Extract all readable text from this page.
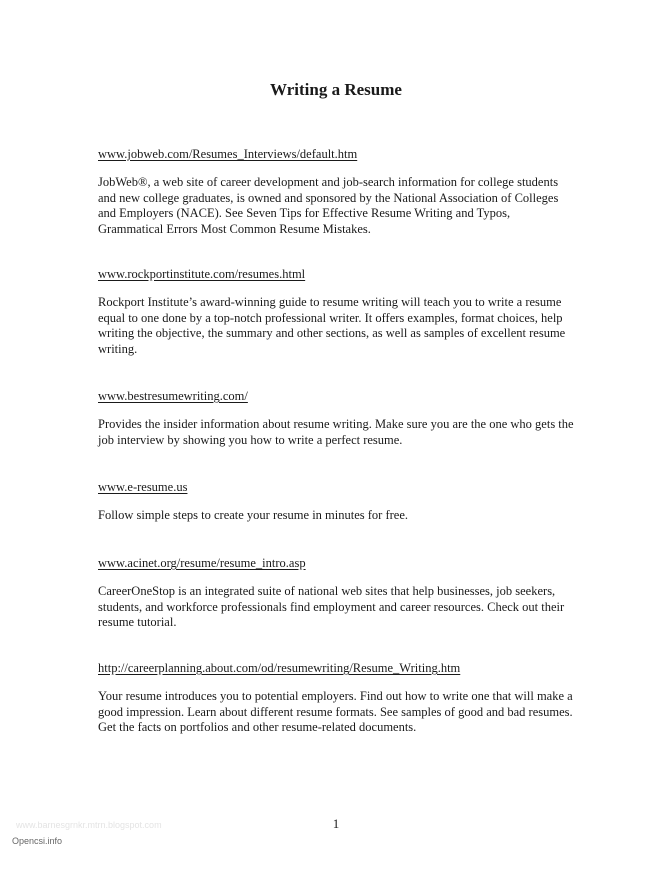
Writing a Resume
www.jobweb.com/Resumes_Interviews/default.htm

JobWeb®, a web site of career development and job-search information for college students and new college graduates, is owned and sponsored by the National Association of Colleges and Employers (NACE). See Seven Tips for Effective Resume Writing and Typos, Grammatical Errors Most Common Resume Mistakes.

www.rockportinstitute.com/resumes.html

Rockport Institute’s award-winning guide to resume writing will teach you to write a resume equal to one done by a top-notch professional writer. It offers examples, format choices, help writing the objective, the summary and other sections, as well as samples of excellent resume writing.

www.bestresumewriting.com/

Provides the insider information about resume writing. Make sure you are the one who gets the job interview by showing you how to write a perfect resume.

www.e-resume.us

Follow simple steps to create your resume in minutes for free.

www.acinet.org/resume/resume_intro.asp

CareerOneStop is an integrated suite of national web sites that help businesses, job seekers, students, and workforce professionals find employment and career resources. Check out their resume tutorial.

http://careerplanning.about.com/od/resumewriting/Resume_Writing.htm

Your resume introduces you to potential employers. Find out how to write one that will make a good impression. Learn about different resume formats. See samples of good and bad resumes. Get the facts on portfolios and other resume-related documents.

1
www.barnesgrnkr.mtrn.blogspot.com
Opencsi.info
